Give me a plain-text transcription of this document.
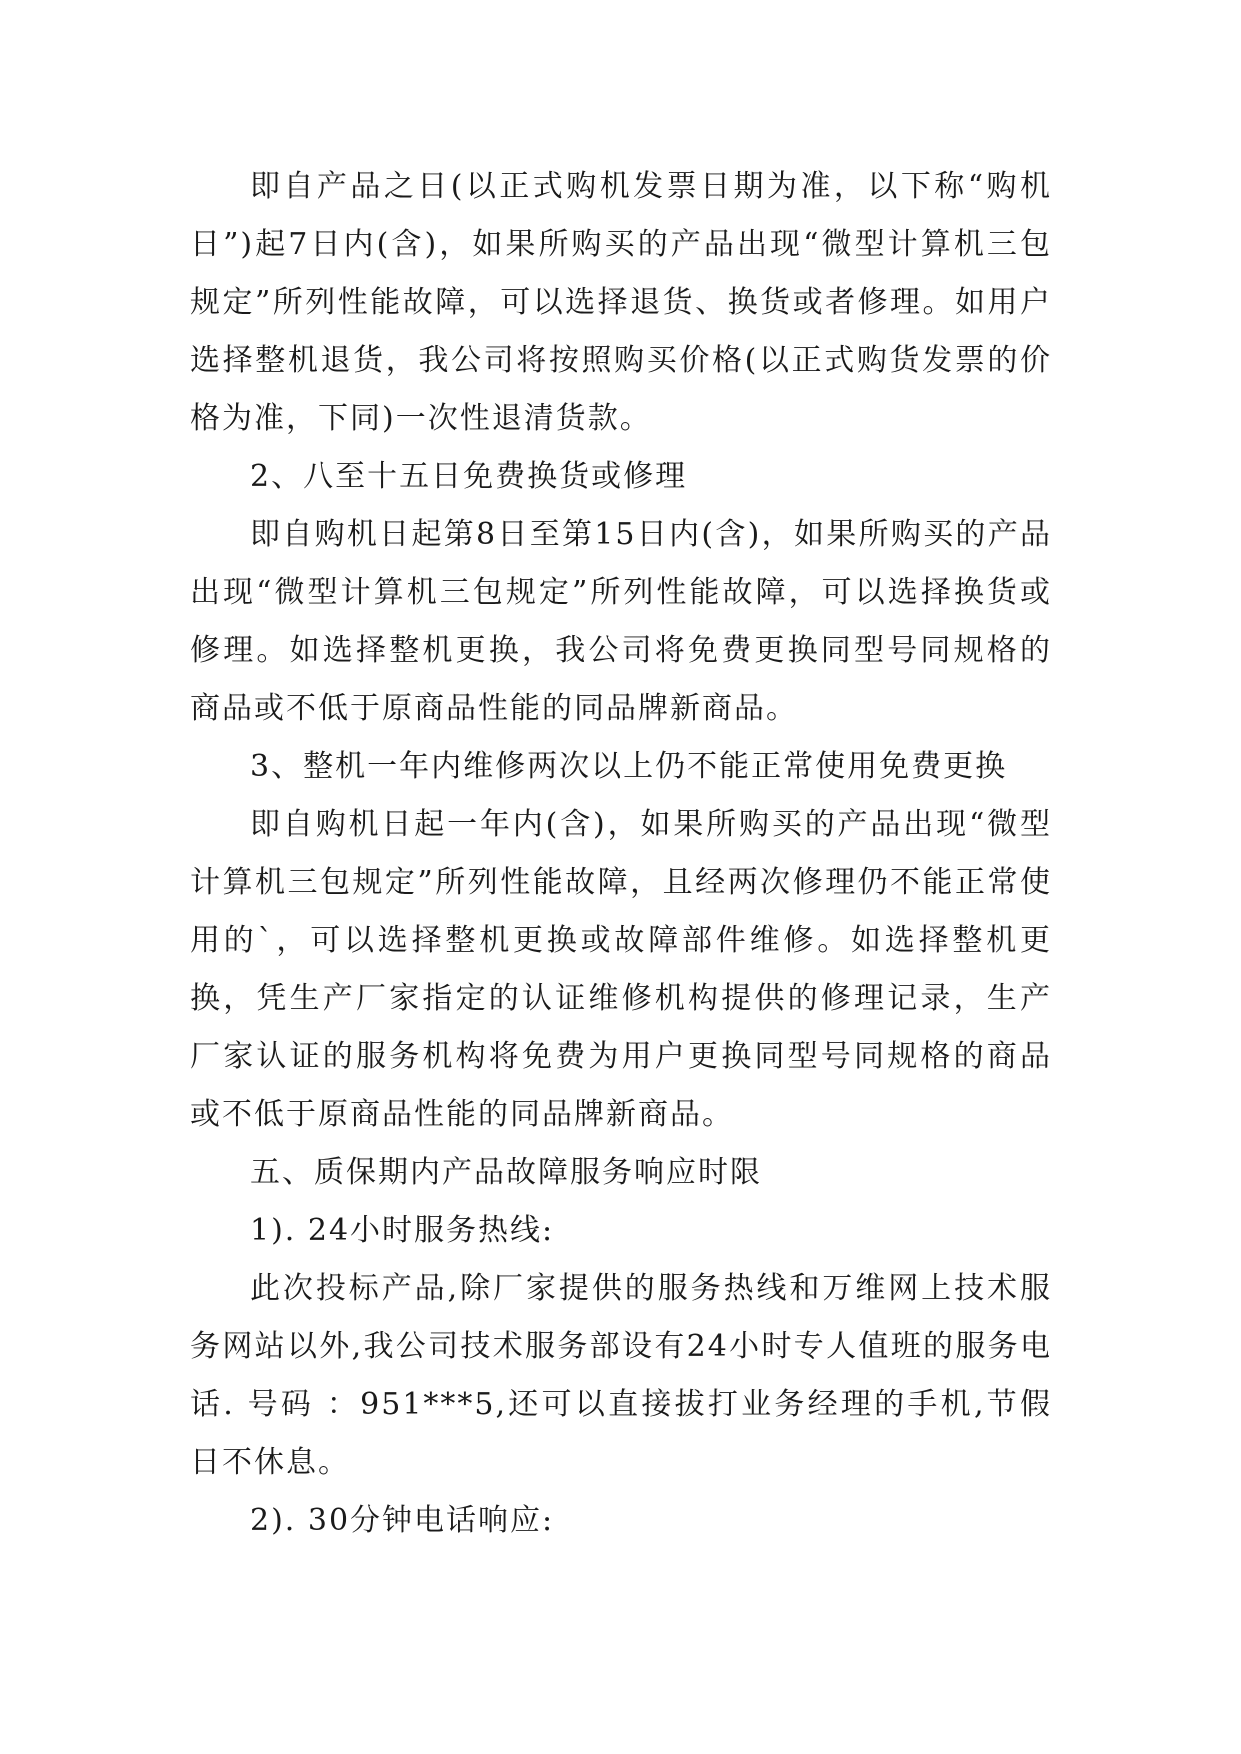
即自产品之日(以正式购机发票日期为准，以下称“购机日”)起7日内(含)，如果所购买的产品出现“微型计算机三包规定”所列性能故障，可以选择退货、换货或者修理。如用户选择整机退货，我公司将按照购买价格(以正式购货发票的价格为准，下同)一次性退清货款。

2、八至十五日免费换货或修理

即自购机日起第8日至第15日内(含)，如果所购买的产品出现“微型计算机三包规定”所列性能故障，可以选择换货或修理。如选择整机更换，我公司将免费更换同型号同规格的商品或不低于原商品性能的同品牌新商品。

3、整机一年内维修两次以上仍不能正常使用免费更换

即自购机日起一年内(含)，如果所购买的产品出现“微型计算机三包规定”所列性能故障，且经两次修理仍不能正常使用的`，可以选择整机更换或故障部件维修。如选择整机更换，凭生产厂家指定的认证维修机构提供的修理记录，生产厂家认证的服务机构将免费为用户更换同型号同规格的商品或不低于原商品性能的同品牌新商品。

五、质保期内产品故障服务响应时限

1). 24小时服务热线:

此次投标产品,除厂家提供的服务热线和万维网上技术服务网站以外,我公司技术服务部设有24小时专人值班的服务电话. 号码 ：951***5,还可以直接拔打业务经理的手机,节假日不休息。

2). 30分钟电话响应:
